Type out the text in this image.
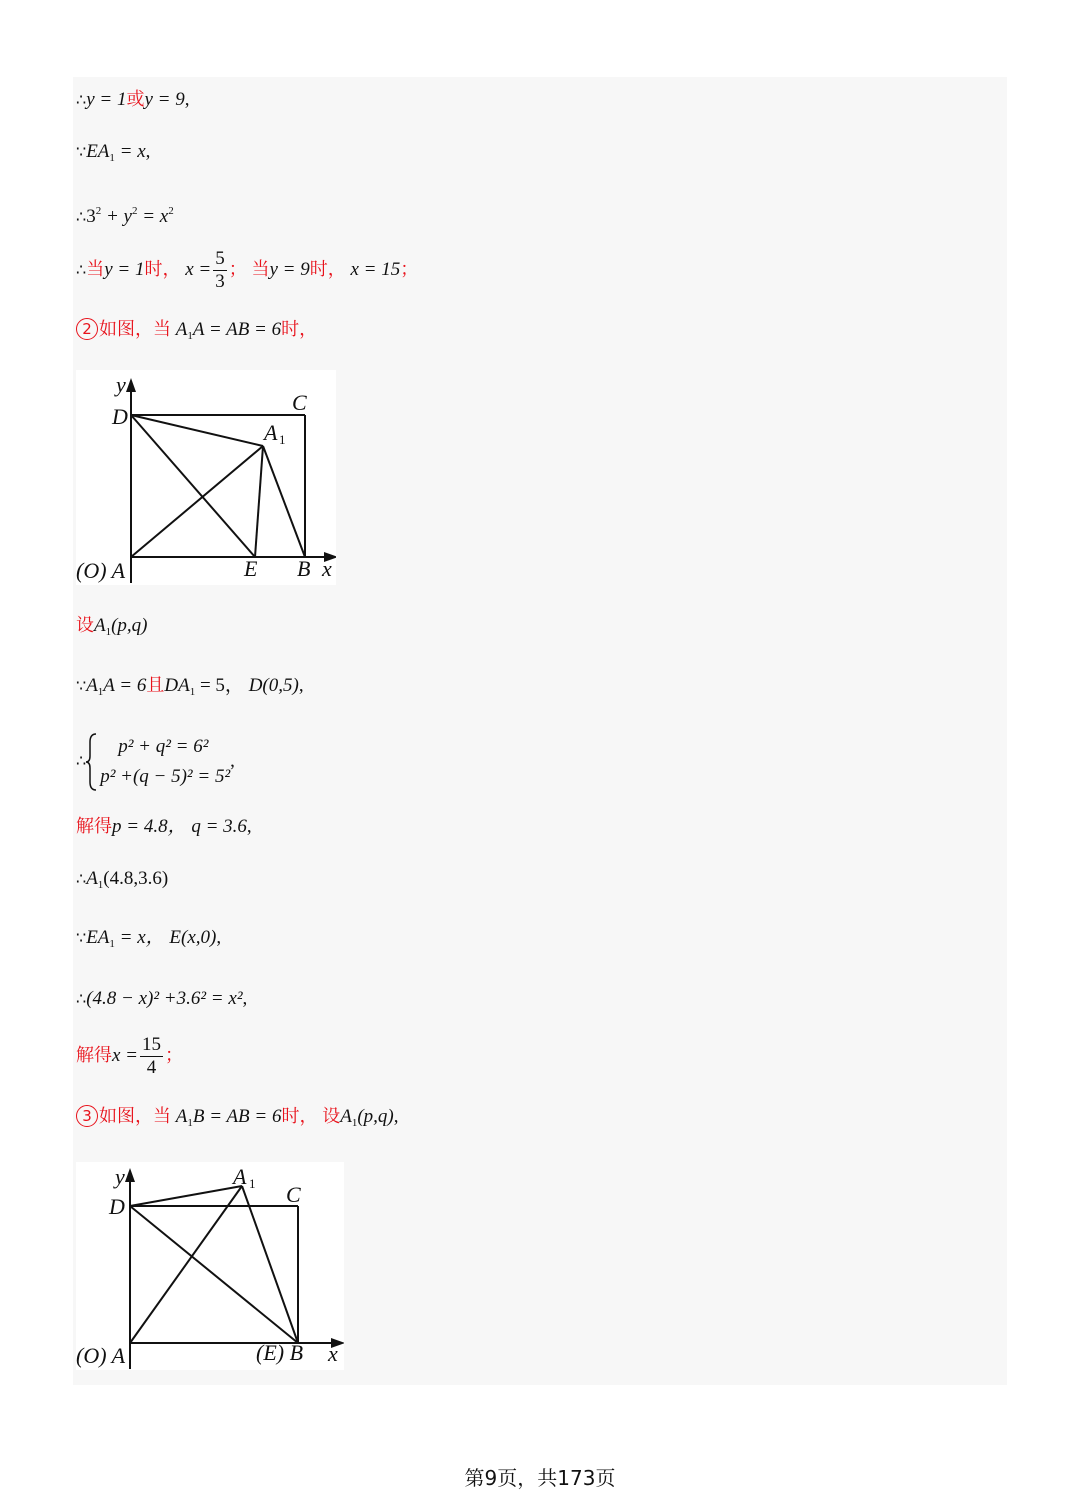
∴y = 1或y = 9,
$\because EA_1 = x$,
$\therefore 3^2 + y^2 = x^2$
∴当y = 1时， $x = \frac{5}{3}$ ； 当y = 9时， x = 15；
2 如图，当 $A_1A$ = AB = 6时，
y
D
C
A 1
(O) A	E B x
设$A_1(p,q)$
$\because A_1A = 6$且$DA_1 = 5$， D(0,5),
∴
p² + q² = 6²
p² +(q − 5)² = 5²
,
解得p = 4.8， q = 3.6,
$\therefore A_1(4.8,3.6)$
$\because EA_1 = x$， E(x,0),
∴(4.8 − x)² +3.6² = x²,
解得$x = \frac{15}{4}$ ；
3 如图，当 $A_1B$ = AB = 6时， 设$A_1(p,q)$,
y
D	C
A 1
(O) A	(E) B x
第9页，共173页
